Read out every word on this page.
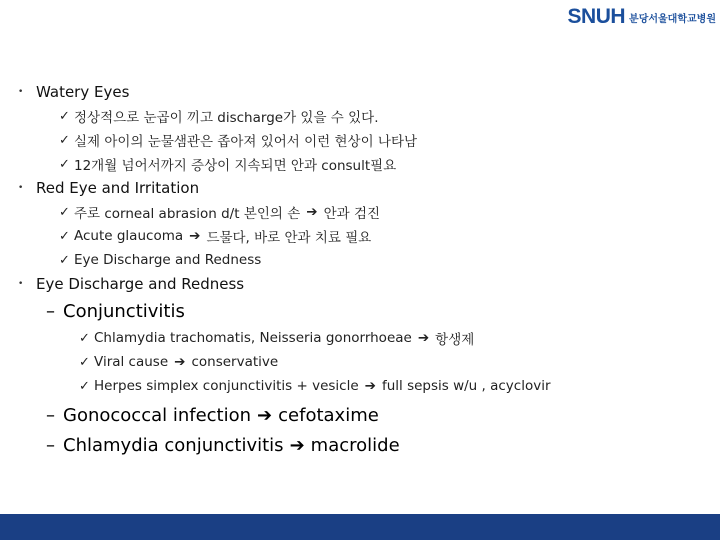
SNUH 분당서울대학교병원
• Watery Eyes
✓ 정상적으로 눈곱이 끼고 discharge가 있을 수 있다.
✓ 실제 아이의 눈물샘관은 좁아져 있어서 이런 현상이 나타남
✓ 12개월 넘어서까지 증상이 지속되면 안과 consult필요
• Red Eye and Irritation
✓ 주로 corneal abrasion d/t 본인의 손 ➔ 안과 검진
✓ Acute glaucoma ➔ 드물다, 바로 안과 치료 필요
✓ Eye Discharge and Redness
• Eye Discharge and Redness
– Conjunctivitis
✓ Chlamydia trachomatis, Neisseria gonorrhoeae ➔ 항생제
✓ Viral cause ➔ conservative
✓ Herpes simplex conjunctivitis + vesicle ➔ full sepsis w/u , acyclovir
– Gonococcal infection ➔ cefotaxime
– Chlamydia conjunctivitis ➔ macrolide
